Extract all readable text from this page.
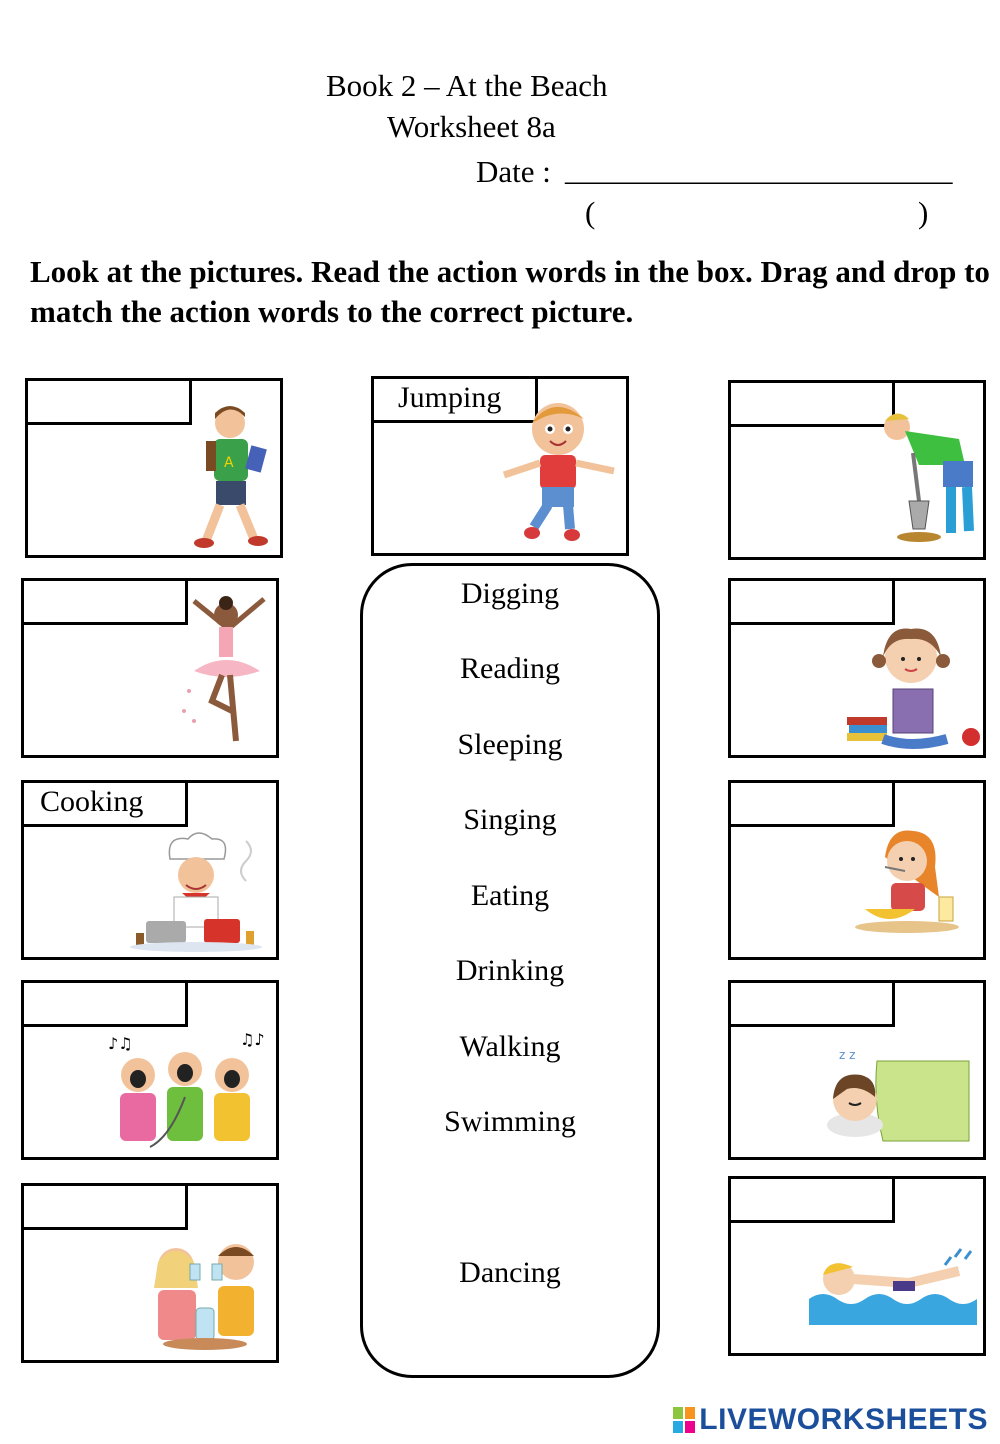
Book 2 – At the Beach
Worksheet 8a
Date : _________________________
(	)
Look at the pictures. Read the action words in the box. Drag and drop to match the action words to the correct picture.
A
Cooking
♪♫	♫♪
Jumping
Digging
Reading
Sleeping
Singing
Eating
Drinking
Walking
Swimming
Dancing
z z
LIVEWORKSHEETS
